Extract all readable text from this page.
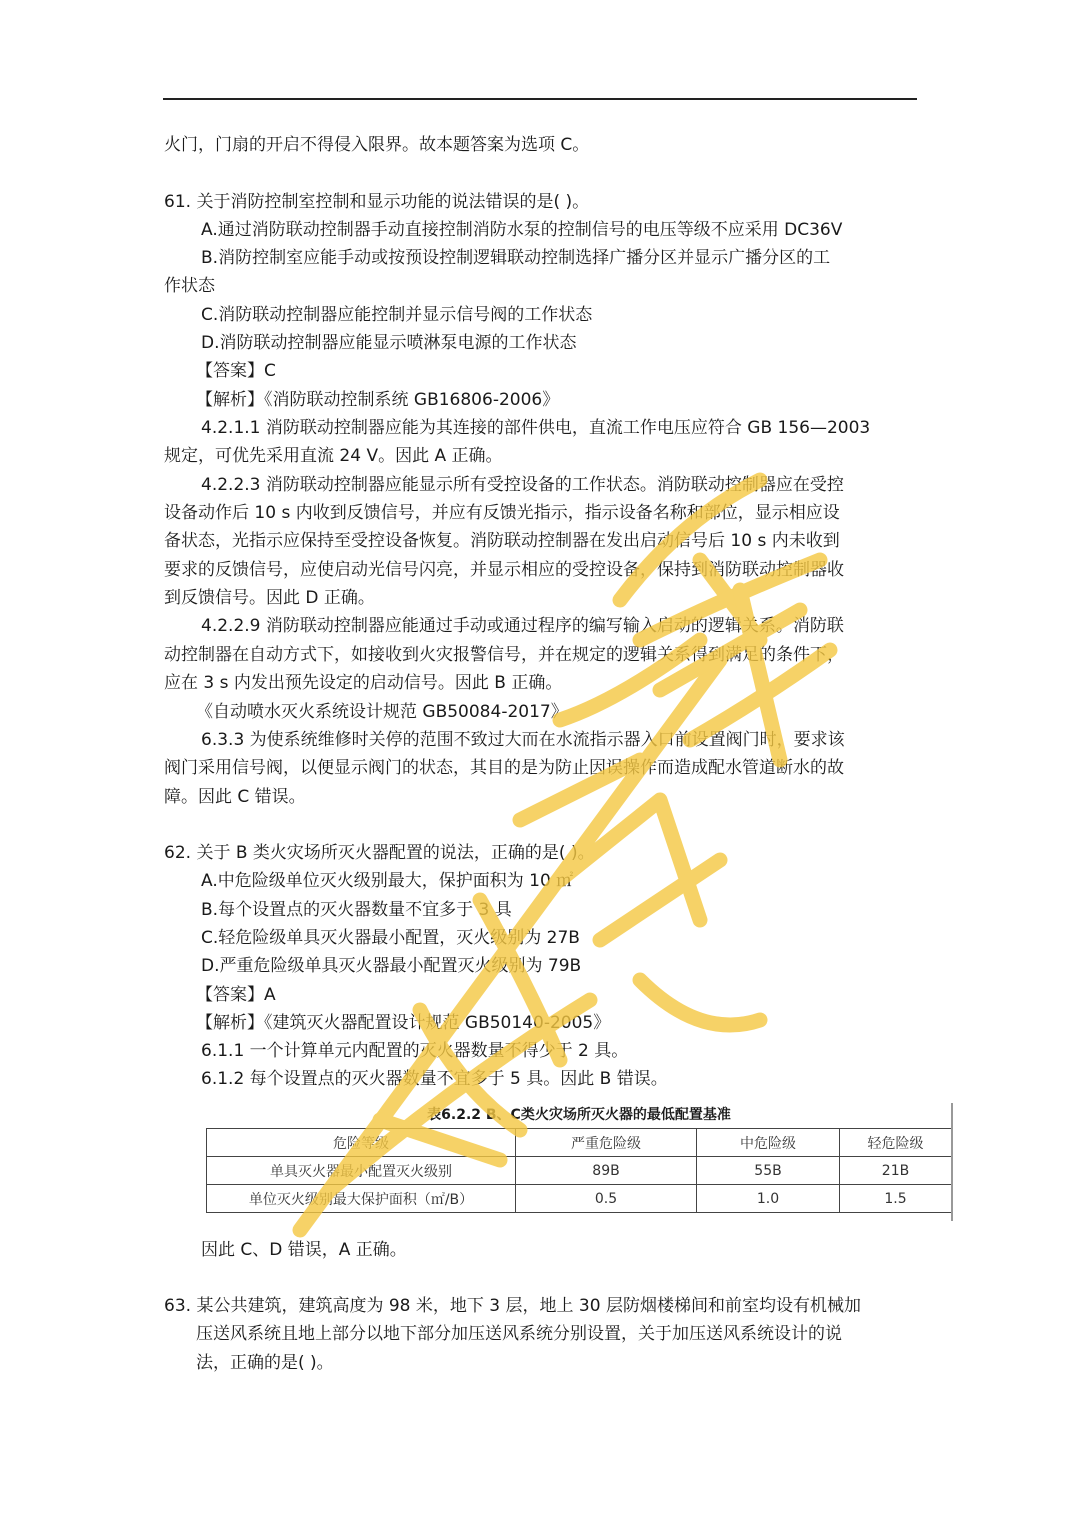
火门，门扇的开启不得侵入限界。故本题答案为选项 C。
61. 关于消防控制室控制和显示功能的说法错误的是( )。
A.通过消防联动控制器手动直接控制消防水泵的控制信号的电压等级不应采用 DC36V
B.消防控制室应能手动或按预设控制逻辑联动控制选择广播分区并显示广播分区的工
作状态
C.消防联动控制器应能控制并显示信号阀的工作状态
D.消防联动控制器应能显示喷淋泵电源的工作状态
【答案】C
【解析】《消防联动控制系统 GB16806-2006》
4.2.1.1 消防联动控制器应能为其连接的部件供电，直流工作电压应符合 GB 156—2003
规定，可优先采用直流 24 V。因此 A 正确。
4.2.2.3 消防联动控制器应能显示所有受控设备的工作状态。消防联动控制器应在受控
设备动作后 10 s 内收到反馈信号，并应有反馈光指示，指示设备名称和部位，显示相应设
备状态，光指示应保持至受控设备恢复。消防联动控制器在发出启动信号后 10 s 内未收到
要求的反馈信号，应使启动光信号闪亮，并显示相应的受控设备，保持到消防联动控制器收
到反馈信号。因此 D 正确。
4.2.2.9 消防联动控制器应能通过手动或通过程序的编写输入启动的逻辑关系。消防联
动控制器在自动方式下，如接收到火灾报警信号，并在规定的逻辑关系得到满足的条件下，
应在 3 s 内发出预先设定的启动信号。因此 B 正确。
《自动喷水灭火系统设计规范 GB50084-2017》
6.3.3 为使系统维修时关停的范围不致过大而在水流指示器入口前设置阀门时，要求该
阀门采用信号阀，以便显示阀门的状态，其目的是为防止因误操作而造成配水管道断水的故
障。因此 C 错误。
62. 关于 B 类火灾场所灭火器配置的说法，正确的是( )。
A.中危险级单位灭火级别最大，保护面积为 10 ㎡
B.每个设置点的灭火器数量不宜多于 3 具
C.轻危险级单具灭火器最小配置，灭火级别为 27B
D.严重危险级单具灭火器最小配置灭火级别为 79B
【答案】A
【解析】《建筑灭火器配置设计规范 GB50140-2005》
6.1.1 一个计算单元内配置的灭火器数量不得少于 2 具。
6.1.2 每个设置点的灭火器数量不宜多于 5 具。因此 B 错误。
表6.2.2 B、C类火灾场所灭火器的最低配置基准
危险等级	严重危险级	中危险级	轻危险级
单具灭火器最小配置灭火级别	89B	55B	21B
单位灭火级别最大保护面积（㎡/B）	0.5	1.0	1.5
因此 C、D 错误，A 正确。
63. 某公共建筑，建筑高度为 98 米，地下 3 层，地上 30 层防烟楼梯间和前室均设有机械加
压送风系统且地上部分以地下部分加压送风系统分别设置，关于加压送风系统设计的说
法，正确的是( )。
